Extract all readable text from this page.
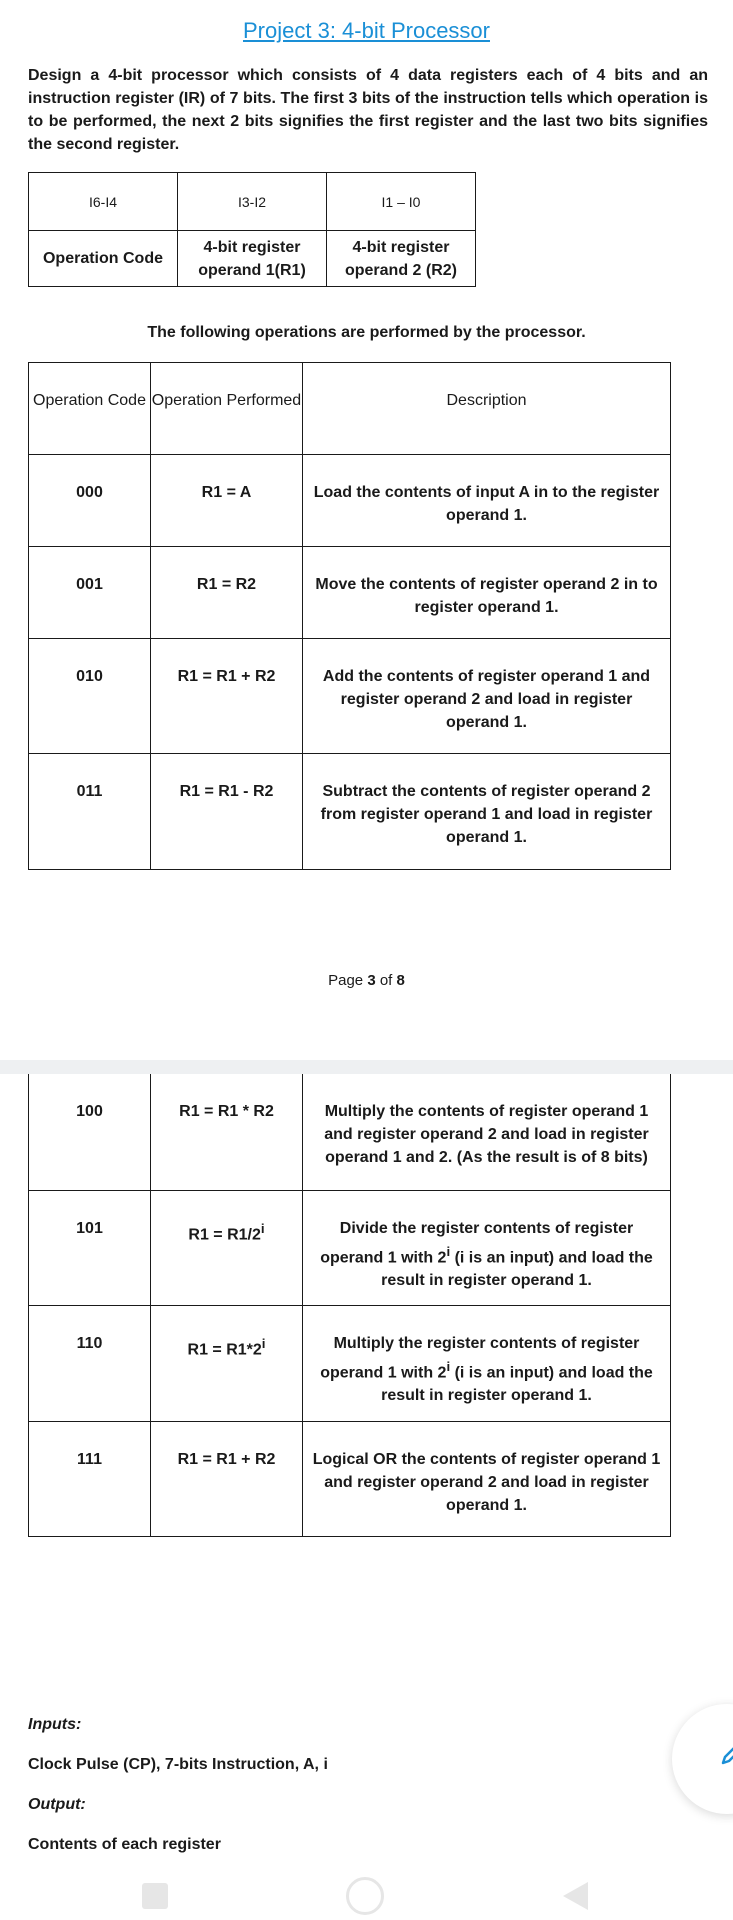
Project 3: 4-bit Processor

Design a 4-bit processor which consists of 4 data registers each of 4 bits and an instruction register (IR) of 7 bits. The first 3 bits of the instruction tells which operation is to be performed, the next 2 bits signifies the first register and the last two bits signifies the second register.

I6-I4	I3-I2	I1 – I0
Operation Code	4-bit register operand 1(R1)	4-bit register operand 2 (R2)
The following operations are performed by the processor.
Operation Code	Operation Performed	Description
000	R1 = A	Load the contents of input A in to the register operand 1.
001	R1 = R2	Move the contents of register operand 2 in to register operand 1.
010	R1 = R1 + R2	Add the contents of register operand 1 and register operand 2 and load in register operand 1.
011	R1 = R1 - R2	Subtract the contents of register operand 2 from register operand 1 and load in register operand 1.
Page 3 of 8
100	R1 = R1 * R2	Multiply the contents of register operand 1 and register operand 2 and load in register operand 1 and 2. (As the result is of 8 bits)
101	$R1 = R1/2^i$	Divide the register contents of register operand 1 with 2$^i$ (i is an input) and load the result in register operand 1.
110	$R1 = R1*2^i$	Multiply the register contents of register operand 1 with 2$^i$ (i is an input) and load the result in register operand 1.
111	R1 = R1 + R2	Logical OR the contents of register operand 1 and register operand 2 and load in register operand 1.
Inputs:
Clock Pulse (CP), 7-bits Instruction, A, i
Output:
Contents of each register
